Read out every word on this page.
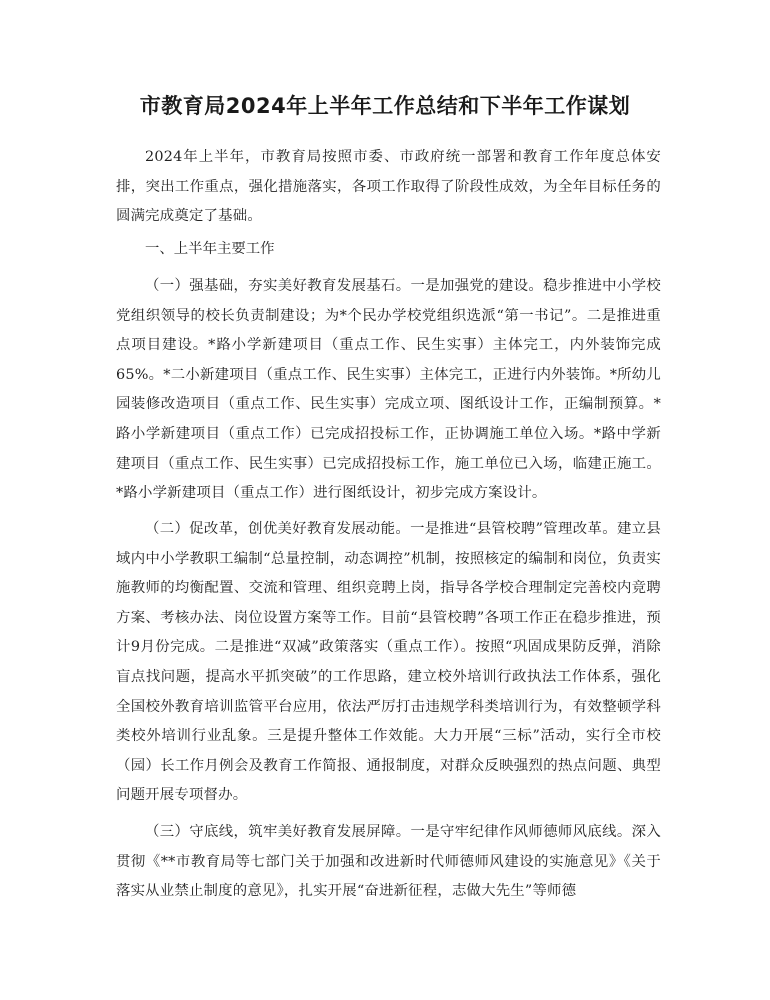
市教育局2024年上半年工作总结和下半年工作谋划
2024年上半年，市教育局按照市委、市政府统一部署和教育工作年度总体安排，突出工作重点，强化措施落实，各项工作取得了阶段性成效，为全年目标任务的圆满完成奠定了基础。
一、上半年主要工作
（一）强基础，夯实美好教育发展基石。一是加强党的建设。稳步推进中小学校党组织领导的校长负责制建设；为*个民办学校党组织选派“第一书记”。二是推进重点项目建设。*路小学新建项目（重点工作、民生实事）主体完工，内外装饰完成65%。*二小新建项目（重点工作、民生实事）主体完工，正进行内外装饰。*所幼儿园装修改造项目（重点工作、民生实事）完成立项、图纸设计工作，正编制预算。*路小学新建项目（重点工作）已完成招投标工作，正协调施工单位入场。*路中学新建项目（重点工作、民生实事）已完成招投标工作，施工单位已入场，临建正施工。*路小学新建项目（重点工作）进行图纸设计，初步完成方案设计。
（二）促改革，创优美好教育发展动能。一是推进“县管校聘”管理改革。建立县域内中小学教职工编制“总量控制，动态调控”机制，按照核定的编制和岗位，负责实施教师的均衡配置、交流和管理、组织竞聘上岗，指导各学校合理制定完善校内竞聘方案、考核办法、岗位设置方案等工作。目前“县管校聘”各项工作正在稳步推进，预计9月份完成。二是推进“双减”政策落实（重点工作）。按照“巩固成果防反弹，消除盲点找问题，提高水平抓突破”的工作思路，建立校外培训行政执法工作体系，强化全国校外教育培训监管平台应用，依法严厉打击违规学科类培训行为，有效整顿学科类校外培训行业乱象。三是提升整体工作效能。大力开展“三标”活动，实行全市校（园）长工作月例会及教育工作简报、通报制度，对群众反映强烈的热点问题、典型问题开展专项督办。
（三）守底线，筑牢美好教育发展屏障。一是守牢纪律作风师德师风底线。深入贯彻《**市教育局等七部门关于加强和改进新时代师德师风建设的实施意见》《关于落实从业禁止制度的意见》，扎实开展“奋进新征程，志做大先生”等师德
